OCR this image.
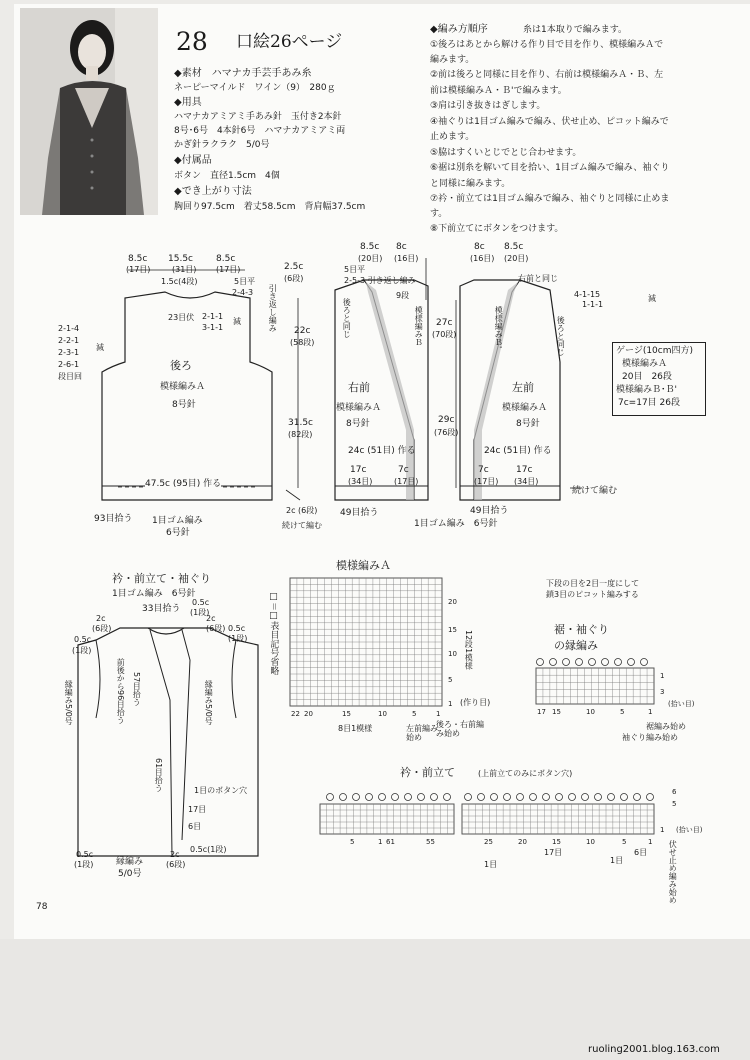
28 口絵26ページ
◆素材　ハマナカ手芸手あみ糸
ネーピーマイルド　ワイン（9）　280ｇ
◆用具
ハマナカアミアミ手あみ針　玉付き2本針
8号･6号　4本針6号　ハマナカアミアミ両
かぎ針ラクラク　5/0号
◆付属品
ボタン　直径1.5cm　4個
◆でき上がり寸法
胸回り97.5cm　着丈58.5cm　背肩幅37.5cm
◆編み方順序	糸は1本取りで編みます。
①後ろはあとから解ける作り目で目を作り、模様編みＡで
編みます。
②前は後ろと同様に目を作り、右前は模様編みＡ・Ｂ、左
前は模様編みＡ・Ｂ'で編みます。
③肩は引き抜きはぎします。
④袖ぐりは1目ゴム編みで編み、伏せ止め、ピコット編みで
止めます。
⑤脇はすくいとじでとじ合わせます。
⑥裾は別糸を解いて目を拾い、1目ゴム編みで編み、袖ぐり
と同様に編みます。
⑦衿・前立ては1目ゴム編みで編み、袖ぐりと同様に止めま
す。
⑧下前立てにボタンをつけます。
8.5c 15.5c	8.5c
(17目)	(31目) (17目)
1.5c(4段)	5目平
2-4-3 引き返し編み
23目伏 2-1-1
3-1-1
減
2-1-4
2-2-1
2-3-1
2-6-1
段目回
減
後ろ
模様編みＡ
8号針
47.5c (95目) 作る
93目拾う 1目ゴム編み
6号針
2.5c
(6段)
22c
(58段)
31.5c
(82段)
2c (6段)
続けて編む
8.5c 8c
(20目) (16目)
5目平
2-5-3 引き返し編み
9段
後ろと同じ	模様編みＢ
右前
模様編みＡ
8号針
27c
(70段)
29c
(76段)
24c (51目) 作る
17c
(34目)
7c
(17目)
49目拾う
1目ゴム編み　6号針
8c 8.5c
(16目) (20目)
右前と同じ
後ろと同じ
模様編みＢ'
左前
模様編みＡ
8号針
24c (51目) 作る
7c
(17目)
17c
(34目)
49目拾う
続けて編む
4-1-15
1-1-1
減
ゲージ(10cm四方)
模様編みＡ
20目　26段
模様編みＢ･Ｂ'
7c=17目 26段
衿・前立て・袖ぐり
1目ゴム編み　6号針
33目拾う
2c
(6段)
0.5c
(1段)
2c
(6段)
0.5c
(1段)
0.5c
(1段)
前後から96目拾う 57目拾う
61目拾う
縁編み5/0号	縁編み5/0号
1目のボタン穴
17目
6目
0.5c
(1段)	縁編み
5/0号
2c
(6段)
0.5c(1段)
模様編みＡ
□＝□表目記号省略
22 20	15	10	5	1
20
15
10
5
1
12段1模様
8目1模様	左前編み始め
後ろ・右前編み始め
(作り目)
下段の目を2目一度にして
鎖3目のピコット編みする
裾・袖ぐり
の縁編み
17 15	10	5	1
1
3
(拾い目)
裾編み始め
袖ぐり編み始め
衿・前立て	(上前立てのみにボタン穴)
5	1 61	55	25	20	15	10	5	1
1目
17目
1目
6目
6
5
1 (拾い目)
伏せ止め編み始め
78
ruoling2001.blog.163.com
